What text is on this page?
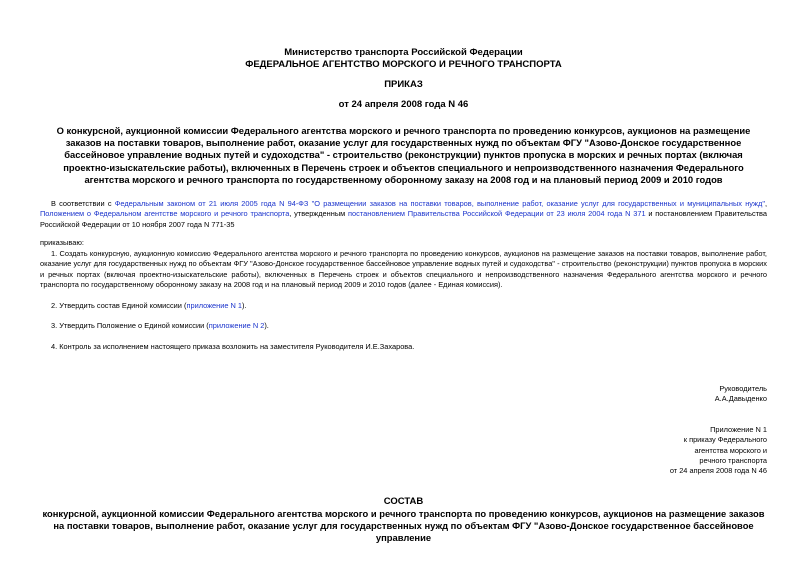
Министерство транспорта Российской Федерации
ФЕДЕРАЛЬНОЕ АГЕНТСТВО МОРСКОГО И РЕЧНОГО ТРАНСПОРТА
ПРИКАЗ
от 24 апреля 2008 года N 46
О конкурсной, аукционной комиссии Федерального агентства морского и речного транспорта по проведению конкурсов, аукционов на размещение заказов на поставки товаров, выполнение работ, оказание услуг для государственных нужд по объектам ФГУ "Азово-Донское государственное бассейновое управление водных путей и судоходства" - строительство (реконструкции) пунктов пропуска в морских и речных портах (включая проектно-изыскательские работы), включенных в Перечень строек и объектов специального и непроизводственного назначения Федерального агентства морского и речного транспорта по государственному оборонному заказу на 2008 год и на плановый период 2009 и 2010 годов
В соответствии с Федеральным законом от 21 июля 2005 года N 94-ФЗ "О размещении заказов на поставки товаров, выполнение работ, оказание услуг для государственных и муниципальных нужд", Положением о Федеральном агентстве морского и речного транспорта, утвержденным постановлением Правительства Российской Федерации от 23 июля 2004 года N 371 и постановлением Правительства Российской Федерации от 10 ноября 2007 года N 771-35
приказываю:
1. Создать конкурсную, аукционную комиссию Федерального агентства морского и речного транспорта по проведению конкурсов, аукционов на размещение заказов на поставки товаров, выполнение работ, оказание услуг для государственных нужд по объектам ФГУ "Азово-Донское государственное бассейновое управление водных путей и судоходства" - строительство (реконструкции) пунктов пропуска в морских и речных портах (включая проектно-изыскательские работы), включенных в Перечень строек и объектов специального и непроизводственного назначения Федерального агентства морского и речного транспорта по государственному оборонному заказу на 2008 год и на плановый период 2009 и 2010 годов (далее - Единая комиссия).
2. Утвердить состав Единой комиссии (приложение N 1).
3. Утвердить Положение о Единой комиссии (приложение N 2).
4. Контроль за исполнением настоящего приказа возложить на заместителя Руководителя И.Е.Захарова.
Руководитель
А.А.Давыденко
Приложение N 1
к приказу Федерального
агентства морского и
речного транспорта
от 24 апреля 2008 года N 46
СОСТАВ
конкурсной, аукционной комиссии Федерального агентства морского и речного транспорта по проведению конкурсов, аукционов на размещение заказов на поставки товаров, выполнение работ, оказание услуг для государственных нужд по объектам ФГУ "Азово-Донское государственное бассейновое управление
